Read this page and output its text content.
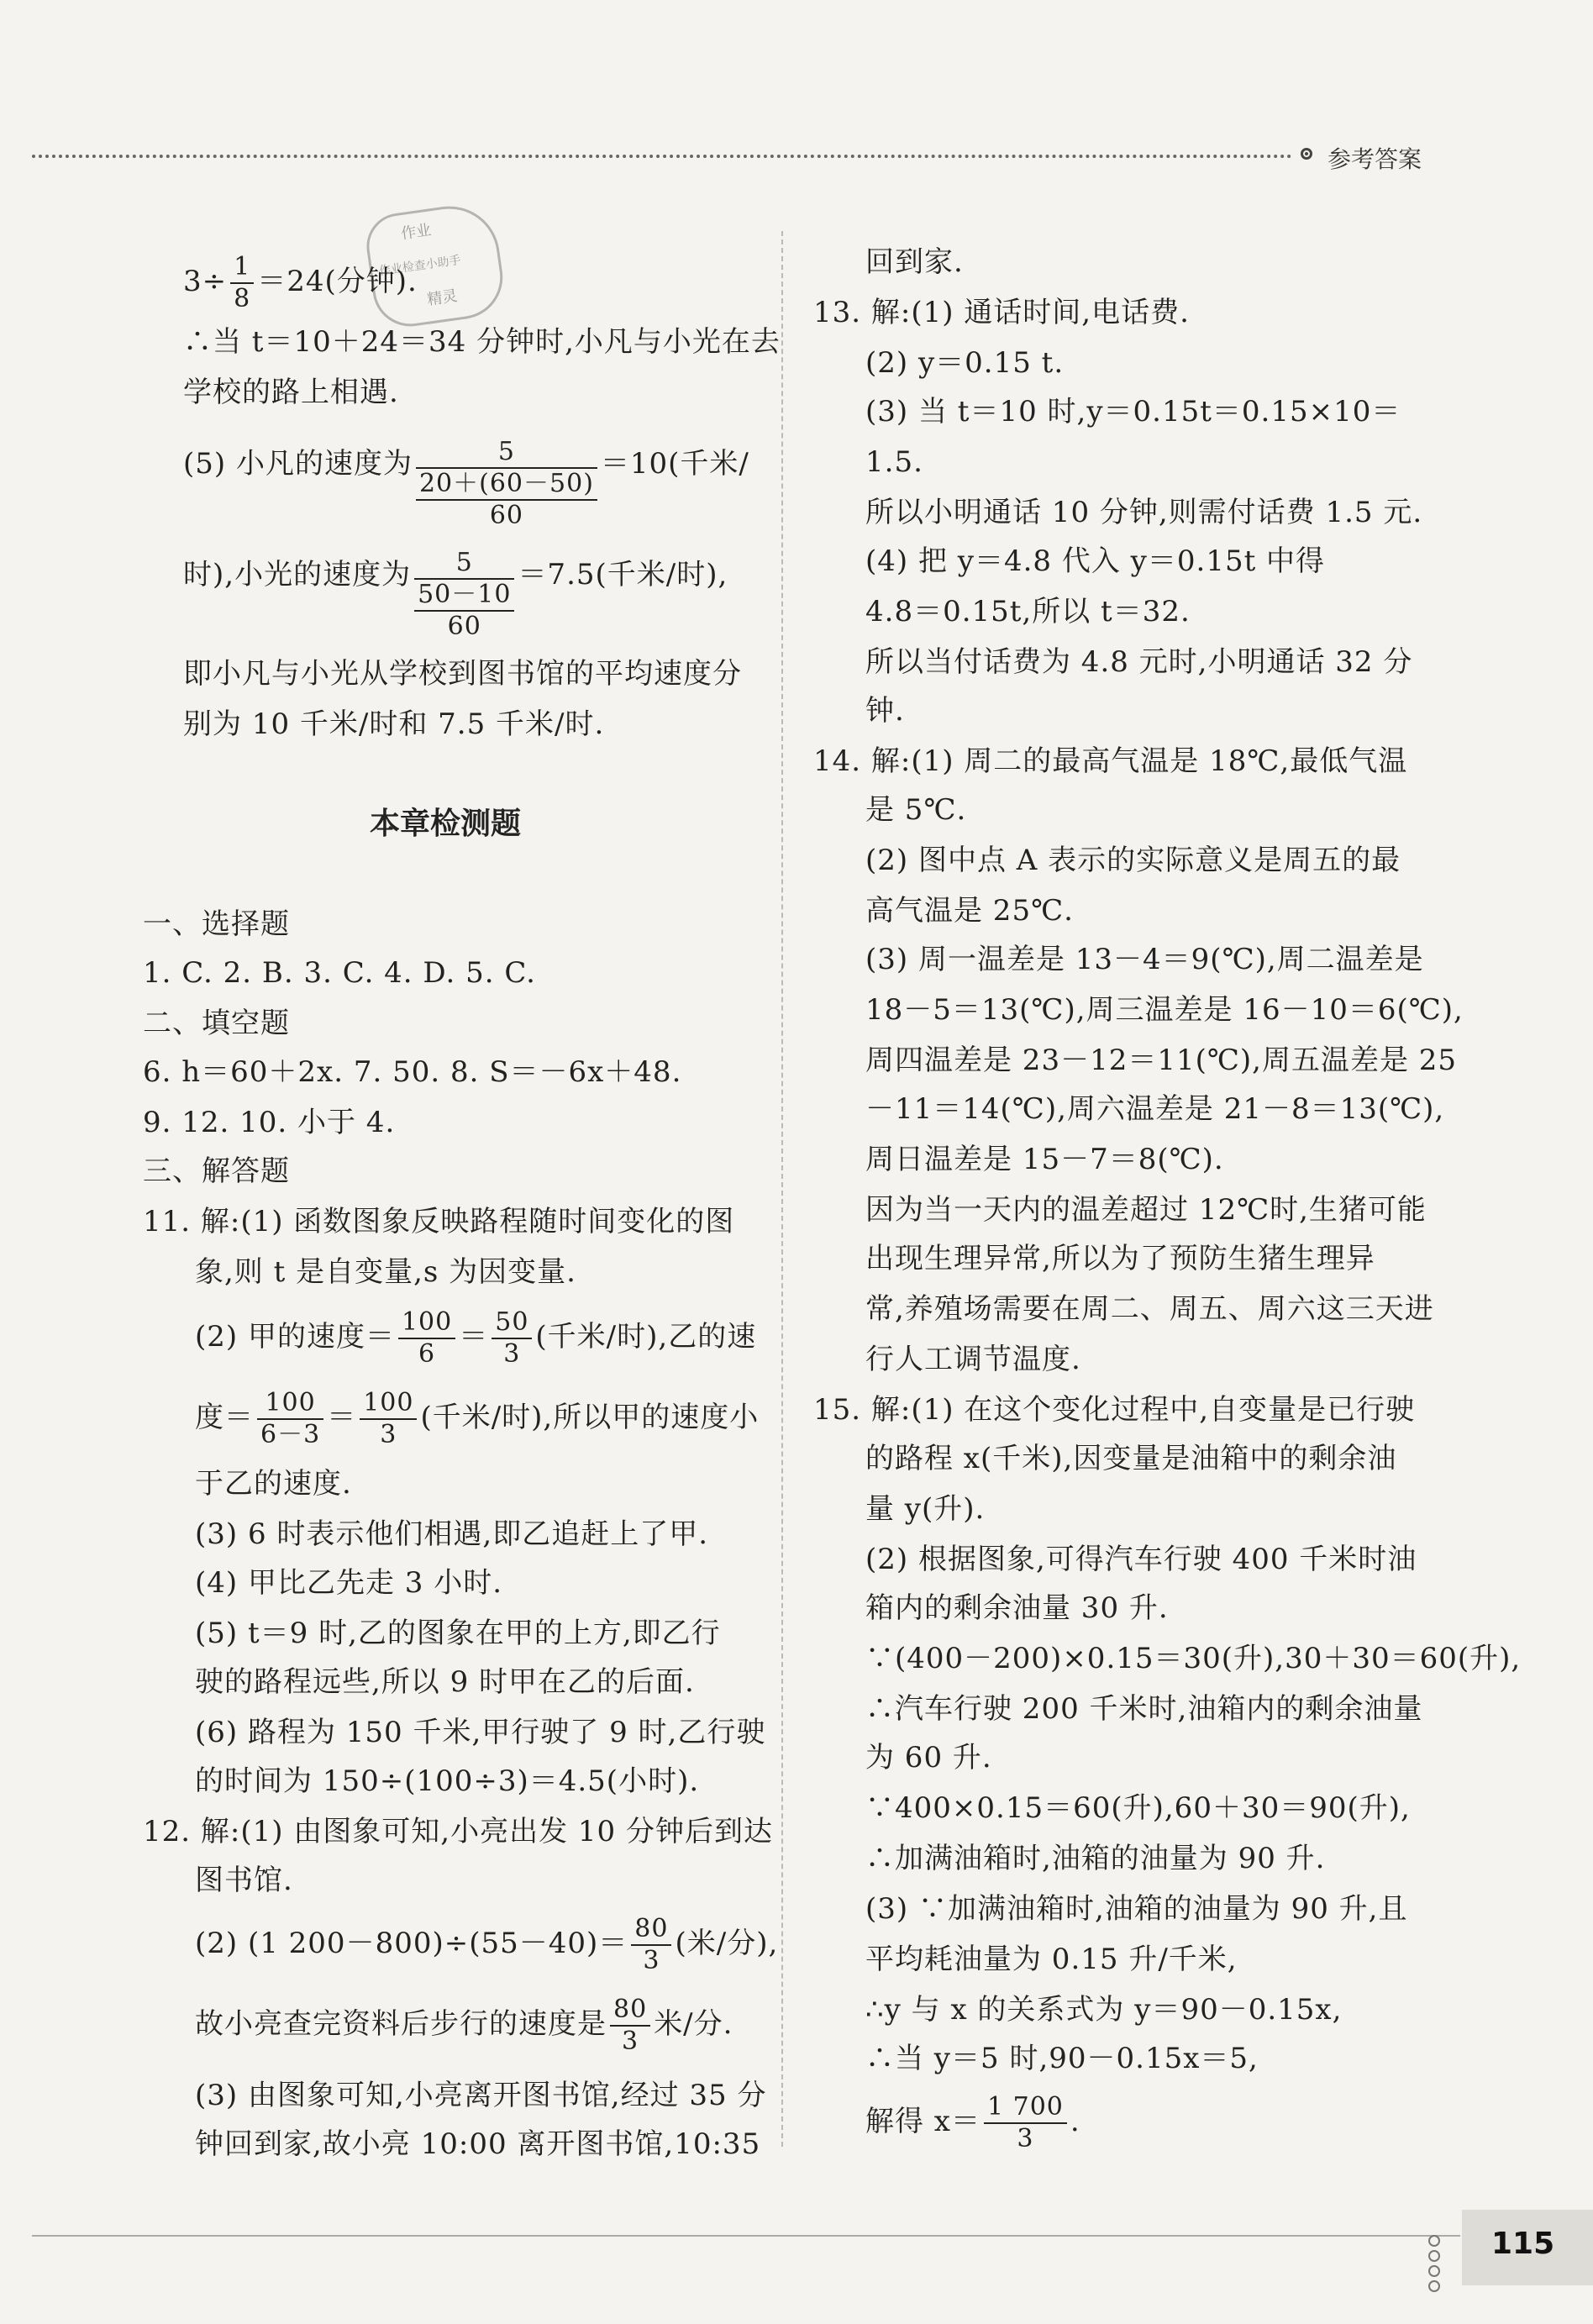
参考答案
作业
作业检查小助手
精灵
$3\div \frac{1}{8} =24$(分钟).
∴当 t＝10＋24＝34 分钟时,小凡与小光在去
学校的路上相遇.
(5) 小凡的速度为 $\frac{5}{\frac{20+(60-50)}{60}} =10$(千米/
时),小光的速度为 $\frac{5}{\frac{50-10}{60}} =7.5$(千米/时),
即小凡与小光从学校到图书馆的平均速度分
别为 10 千米/时和 7.5 千米/时.
本章检测题
一、选择题
1. C. 2. B. 3. C. 4. D. 5. C.
二、填空题
6. h＝60＋2x. 7. 50. 8. S＝－6x＋48.
9. 12. 10. 小于 4.
三、解答题
11. 解:(1) 函数图象反映路程随时间变化的图
象,则 t 是自变量,s 为因变量.
(2) 甲的速度＝ $\frac{100}{6} = \frac{50}{3}$ (千米/时),乙的速
度＝ $\frac{100}{6-3} = \frac{100}{3}$ (千米/时),所以甲的速度小
于乙的速度.
(3) 6 时表示他们相遇,即乙追赶上了甲.
(4) 甲比乙先走 3 小时.
(5) t＝9 时,乙的图象在甲的上方,即乙行
驶的路程远些,所以 9 时甲在乙的后面.
(6) 路程为 150 千米,甲行驶了 9 时,乙行驶
的时间为 150÷(100÷3)＝4.5(小时).
12. 解:(1) 由图象可知,小亮出发 10 分钟后到达
图书馆.
(2) (1 $200-800)\div(55-40)= \frac{80}{3}$ (米/分),
故小亮查完资料后步行的速度是 $\frac{80}{3}$ 米/分.
(3) 由图象可知,小亮离开图书馆,经过 35 分
钟回到家,故小亮 10:00 离开图书馆,10:35
回到家.
13. 解:(1) 通话时间,电话费.
(2) y＝0.15 t.
(3) 当 t＝10 时,y＝0.15t＝0.15×10＝
1.5.
所以小明通话 10 分钟,则需付话费 1.5 元.
(4) 把 y＝4.8 代入 y＝0.15t 中得
4.8＝0.15t,所以 t＝32.
所以当付话费为 4.8 元时,小明通话 32 分
钟.
14. 解:(1) 周二的最高气温是 18℃,最低气温
是 5℃.
(2) 图中点 A 表示的实际意义是周五的最
高气温是 25℃.
(3) 周一温差是 13－4＝9(℃),周二温差是
18－5＝13(℃),周三温差是 16－10＝6(℃),
周四温差是 23－12＝11(℃),周五温差是 25
－11＝14(℃),周六温差是 21－8＝13(℃),
周日温差是 15－7＝8(℃).
因为当一天内的温差超过 12℃时,生猪可能
出现生理异常,所以为了预防生猪生理异
常,养殖场需要在周二、周五、周六这三天进
行人工调节温度.
15. 解:(1) 在这个变化过程中,自变量是已行驶
的路程 x(千米),因变量是油箱中的剩余油
量 y(升).
(2) 根据图象,可得汽车行驶 400 千米时油
箱内的剩余油量 30 升.
∵(400－200)×0.15＝30(升),30＋30＝60(升),
∴汽车行驶 200 千米时,油箱内的剩余油量
为 60 升.
∵400×0.15＝60(升),60＋30＝90(升),
∴加满油箱时,油箱的油量为 90 升.
(3) ∵加满油箱时,油箱的油量为 90 升,且
平均耗油量为 0.15 升/千米,
∴y 与 x 的关系式为 y＝90－0.15x,
∴当 y＝5 时,90－0.15x＝5,
解得 $x= \frac{1 700}{3}$ .
115
